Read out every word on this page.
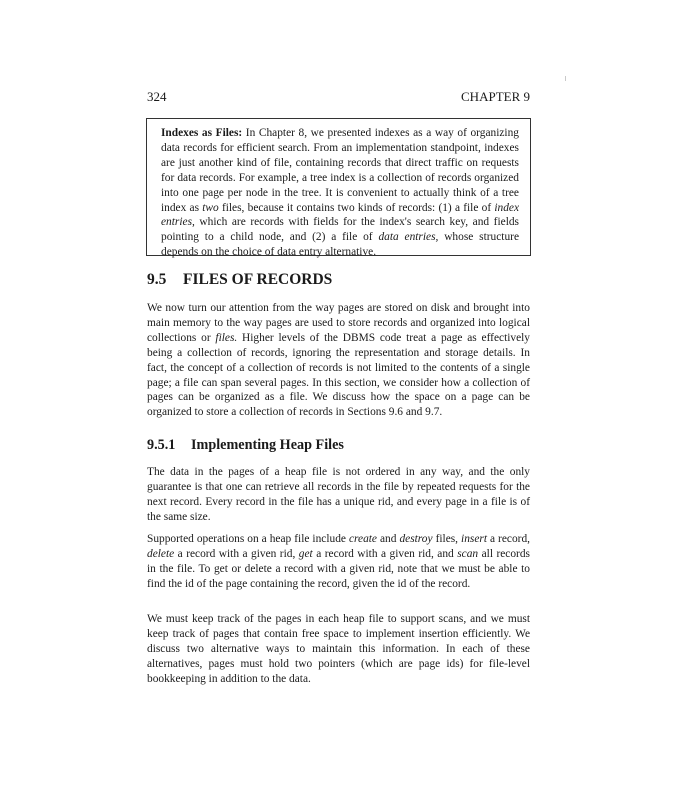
324	CHAPTER 9

Indexes as Files: In Chapter 8, we presented indexes as a way of organizing data records for efficient search. From an implementation standpoint, indexes are just another kind of file, containing records that direct traffic on requests for data records. For example, a tree index is a collection of records organized into one page per node in the tree. It is convenient to actually think of a tree index as two files, because it contains two kinds of records: (1) a file of index entries, which are records with fields for the index's search key, and fields pointing to a child node, and (2) a file of data entries, whose structure depends on the choice of data entry alternative.

9.5 FILES OF RECORDS

We now turn our attention from the way pages are stored on disk and brought into main memory to the way pages are used to store records and organized into logical collections or files. Higher levels of the DBMS code treat a page as effectively being a collection of records, ignoring the representation and storage details. In fact, the concept of a collection of records is not limited to the contents of a single page; a file can span several pages. In this section, we consider how a collection of pages can be organized as a file. We discuss how the space on a page can be organized to store a collection of records in Sections 9.6 and 9.7.

9.5.1 Implementing Heap Files

The data in the pages of a heap file is not ordered in any way, and the only guarantee is that one can retrieve all records in the file by repeated requests for the next record. Every record in the file has a unique rid, and every page in a file is of the same size.

Supported operations on a heap file include create and destroy files, insert a record, delete a record with a given rid, get a record with a given rid, and scan all records in the file. To get or delete a record with a given rid, note that we must be able to find the id of the page containing the record, given the id of the record.

We must keep track of the pages in each heap file to support scans, and we must keep track of pages that contain free space to implement insertion efficiently. We discuss two alternative ways to maintain this information. In each of these alternatives, pages must hold two pointers (which are page ids) for file-level bookkeeping in addition to the data.
